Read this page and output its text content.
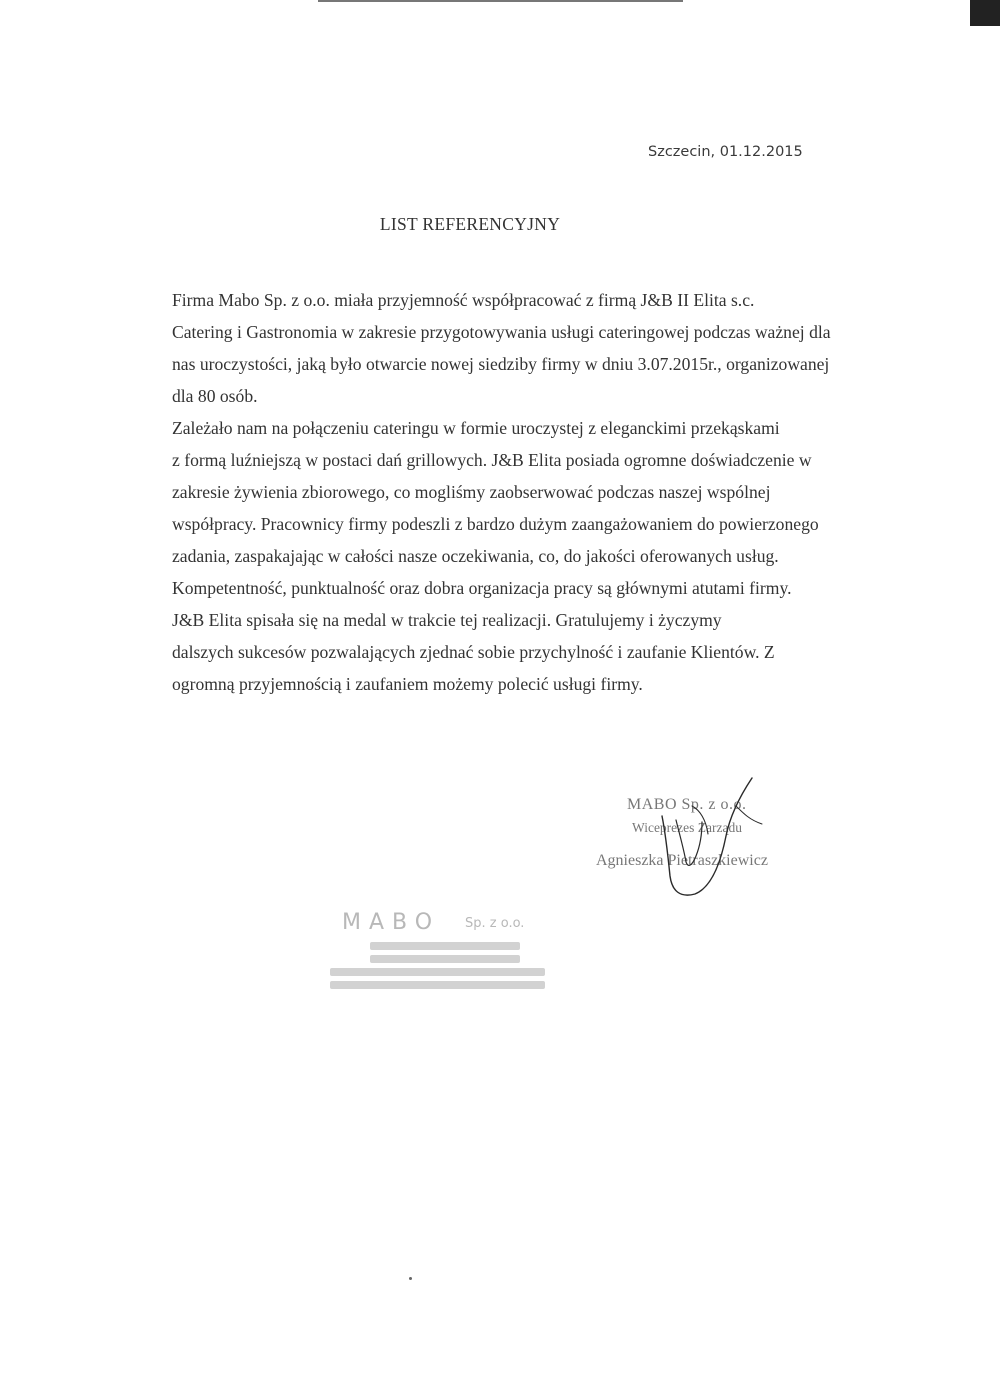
Szczecin, 01.12.2015
LIST REFERENCYJNY

Firma Mabo Sp. z o.o. miała przyjemność współpracować z firmą J&B II Elita s.c.
Catering i Gastronomia w zakresie przygotowywania usługi cateringowej podczas ważnej dla
nas uroczystości, jaką było otwarcie nowej siedziby firmy w dniu 3.07.2015r., organizowanej
dla 80 osób.

Zależało nam na połączeniu cateringu w formie uroczystej z eleganckimi przekąskami
z formą luźniejszą w postaci dań grillowych. J&B Elita posiada ogromne doświadczenie w
zakresie żywienia zbiorowego, co mogliśmy zaobserwować podczas naszej wspólnej
współpracy. Pracownicy firmy podeszli z bardzo dużym zaangażowaniem do powierzonego
zadania, zaspakajając w całości nasze oczekiwania, co, do jakości oferowanych usług.
Kompetentność, punktualność oraz dobra organizacja pracy są głównymi atutami firmy.

J&B Elita spisała się na medal w trakcie tej realizacji. Gratulujemy i życzymy
dalszych sukcesów pozwalających zjednać sobie przychylność i zaufanie Klientów. Z
ogromną przyjemnością i zaufaniem możemy polecić usługi firmy.

MABO Sp. z o.o.
Wiceprezes Zarządu
Agnieszka Pietraszkiewicz
MABO Sp. z o.o.
